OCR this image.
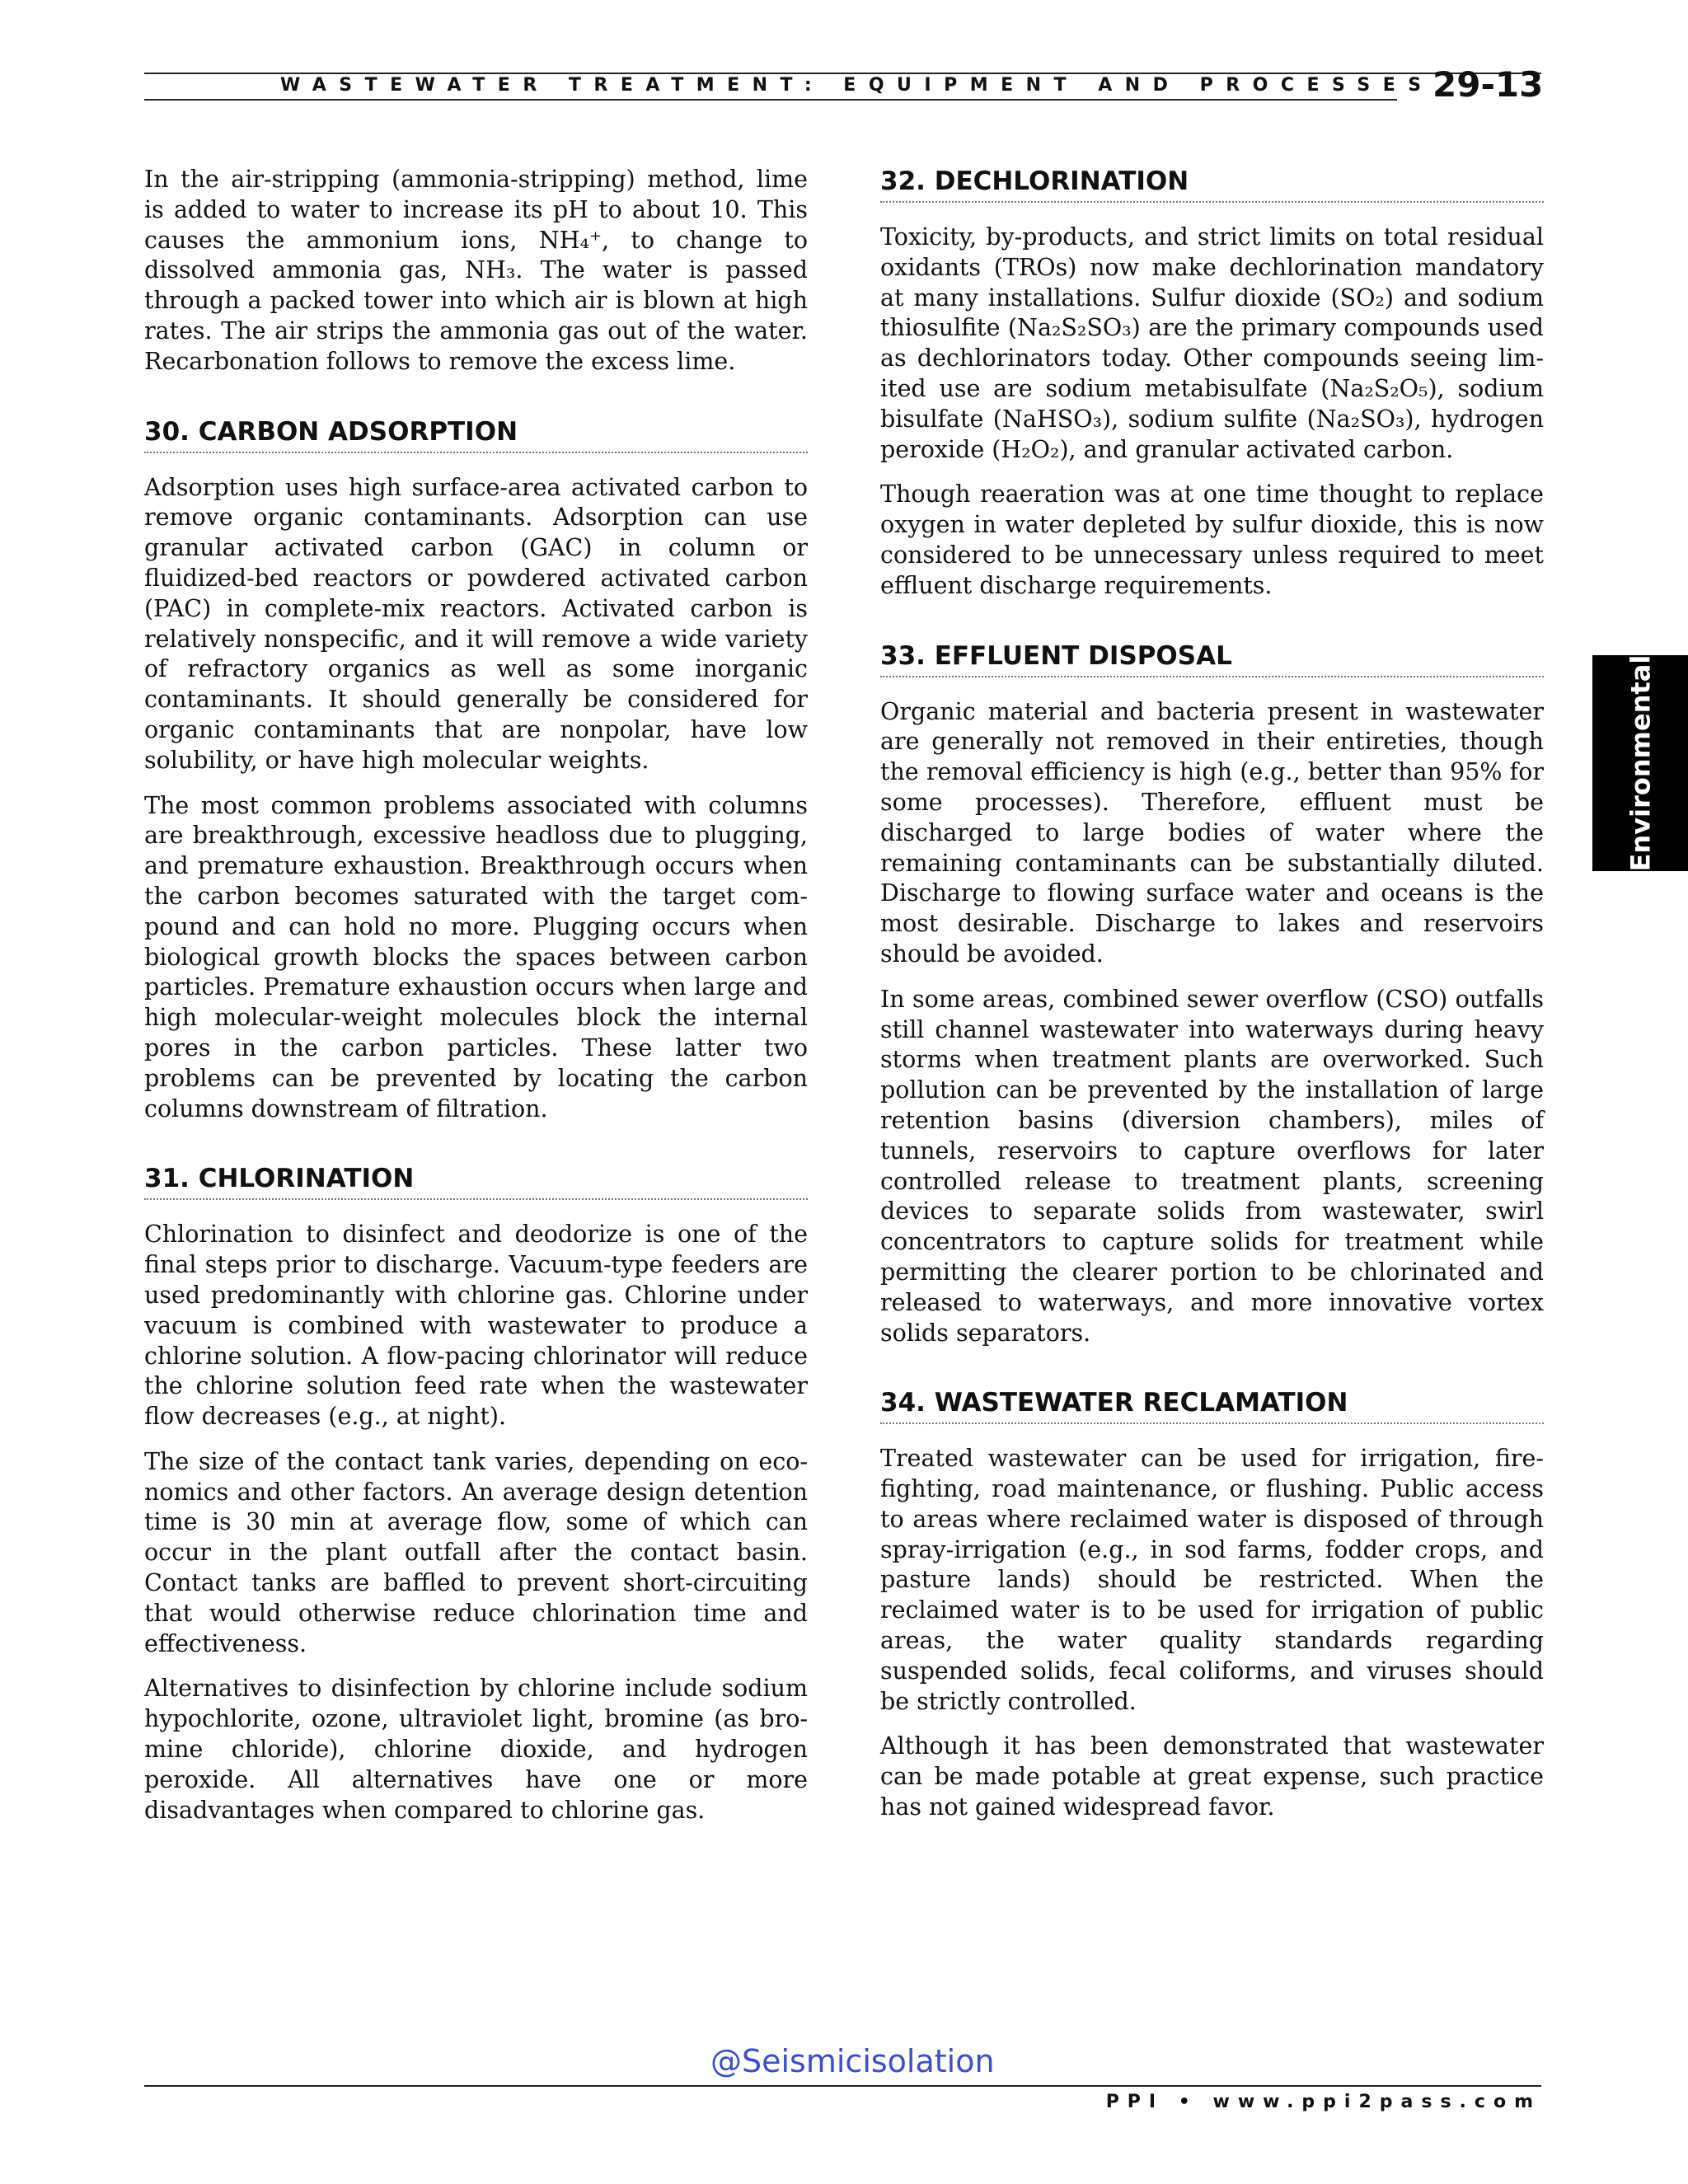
WASTEWATER TREATMENT: EQUIPMENT AND PROCESSES
29-13

In the air-stripping (ammonia-stripping) method, lime is added to water to increase its pH to about 10. This causes the ammonium ions, NH₄⁺, to change to dissolved ammonia gas, NH₃. The water is passed through a packed tower into which air is blown at high rates. The air strips the ammonia gas out of the water. Recarbonation follows to remove the excess lime.

30. CARBON ADSORPTION

Adsorption uses high surface-area activated carbon to remove organic contaminants. Adsorption can use granular activated carbon (GAC) in column or fluidized-bed reactors or powdered activated carbon (PAC) in complete-mix reactors. Activated carbon is relatively nonspecific, and it will remove a wide variety of refractory organics as well as some inorganic contaminants. It should generally be considered for organic contaminants that are nonpolar, have low solubility, or have high molecular weights.

The most common problems associated with columns are breakthrough, excessive headloss due to plugging, and premature exhaustion. Breakthrough occurs when the carbon becomes saturated with the target compound and can hold no more. Plugging occurs when biological growth blocks the spaces between carbon particles. Premature exhaustion occurs when large and high molecular-weight molecules block the internal pores in the carbon particles. These latter two problems can be prevented by locating the carbon columns downstream of filtration.

31. CHLORINATION

Chlorination to disinfect and deodorize is one of the final steps prior to discharge. Vacuum-type feeders are used predominantly with chlorine gas. Chlorine under vacuum is combined with wastewater to produce a chlorine solution. A flow-pacing chlorinator will reduce the chlorine solution feed rate when the wastewater flow decreases (e.g., at night).

The size of the contact tank varies, depending on economics and other factors. An average design detention time is 30 min at average flow, some of which can occur in the plant outfall after the contact basin. Contact tanks are baffled to prevent short-circuiting that would otherwise reduce chlorination time and effectiveness.

Alternatives to disinfection by chlorine include sodium hypochlorite, ozone, ultraviolet light, bromine (as bromine chloride), chlorine dioxide, and hydrogen peroxide. All alternatives have one or more disadvantages when compared to chlorine gas.

32. DECHLORINATION

Toxicity, by-products, and strict limits on total residual oxidants (TROs) now make dechlorination mandatory at many installations. Sulfur dioxide (SO₂) and sodium thiosulfite (Na₂S₂SO₃) are the primary compounds used as dechlorinators today. Other compounds seeing limited use are sodium metabisulfate (Na₂S₂O₅), sodium bisulfate (NaHSO₃), sodium sulfite (Na₂SO₃), hydrogen peroxide (H₂O₂), and granular activated carbon.

Though reaeration was at one time thought to replace oxygen in water depleted by sulfur dioxide, this is now considered to be unnecessary unless required to meet effluent discharge requirements.

33. EFFLUENT DISPOSAL

Organic material and bacteria present in wastewater are generally not removed in their entireties, though the removal efficiency is high (e.g., better than 95% for some processes). Therefore, effluent must be discharged to large bodies of water where the remaining contaminants can be substantially diluted. Discharge to flowing surface water and oceans is the most desirable. Discharge to lakes and reservoirs should be avoided.

In some areas, combined sewer overflow (CSO) outfalls still channel wastewater into waterways during heavy storms when treatment plants are overworked. Such pollution can be prevented by the installation of large retention basins (diversion chambers), miles of tunnels, reservoirs to capture overflows for later controlled release to treatment plants, screening devices to separate solids from wastewater, swirl concentrators to capture solids for treatment while permitting the clearer portion to be chlorinated and released to waterways, and more innovative vortex solids separators.

34. WASTEWATER RECLAMATION

Treated wastewater can be used for irrigation, firefighting, road maintenance, or flushing. Public access to areas where reclaimed water is disposed of through spray-irrigation (e.g., in sod farms, fodder crops, and pasture lands) should be restricted. When the reclaimed water is to be used for irrigation of public areas, the water quality standards regarding suspended solids, fecal coliforms, and viruses should be strictly controlled.

Although it has been demonstrated that wastewater can be made potable at great expense, such practice has not gained widespread favor.

Environmental
@Seismicisolation
PPI • www.ppi2pass.com
